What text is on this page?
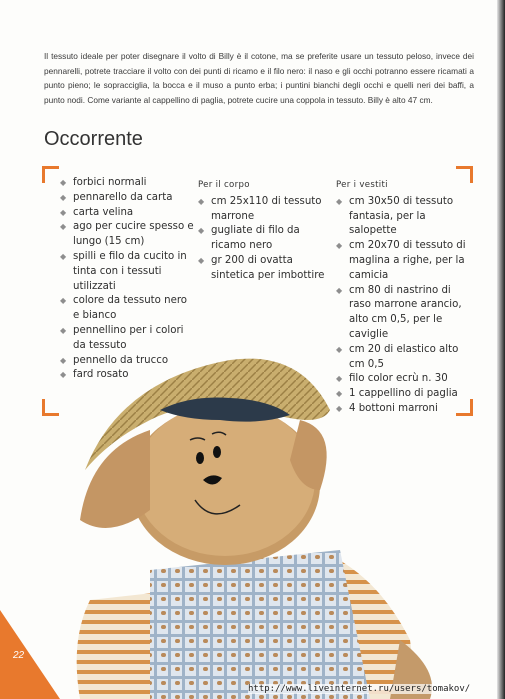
Il tessuto ideale per poter disegnare il volto di Billy è il cotone, ma se preferite usare un tessuto peloso, invece dei pennarelli, potrete tracciare il volto con dei punti di ricamo e il filo nero: il naso e gli occhi potranno essere ricamati a punto pieno; le sopracciglia, la bocca e il muso a punto erba; i puntini bianchi degli occhi e quelli neri dei baffi, a punto nodi. Come variante al cappellino di paglia, potrete cucire una coppola in tessuto. Billy è alto 47 cm.

Occorrente
◆ forbici normali
◆ pennarello da carta
◆ carta velina
◆ ago per cucire spesso e lungo (15 cm)
◆ spilli e filo da cucito in tinta con i tessuti utilizzati
◆ colore da tessuto nero e bianco
◆ pennellino per i colori da tessuto
◆ pennello da trucco
◆ fard rosato
Per il corpo
◆ cm 25x110 di tessuto marrone
◆ gugliate di filo da ricamo nero
◆ gr 200 di ovatta sintetica per imbottire
Per i vestiti
◆ cm 30x50 di tessuto fantasia, per la salopette
◆ cm 20x70 di tessuto di maglina a righe, per la camicia
◆ cm 80 di nastrino di raso marrone arancio, alto cm 0,5, per le caviglie
◆ cm 20 di elastico alto cm 0,5
◆ filo color ecrù n. 30
◆ 1 cappellino di paglia
◆ 4 bottoni marroni
22
http://www.liveinternet.ru/users/tomakov/
